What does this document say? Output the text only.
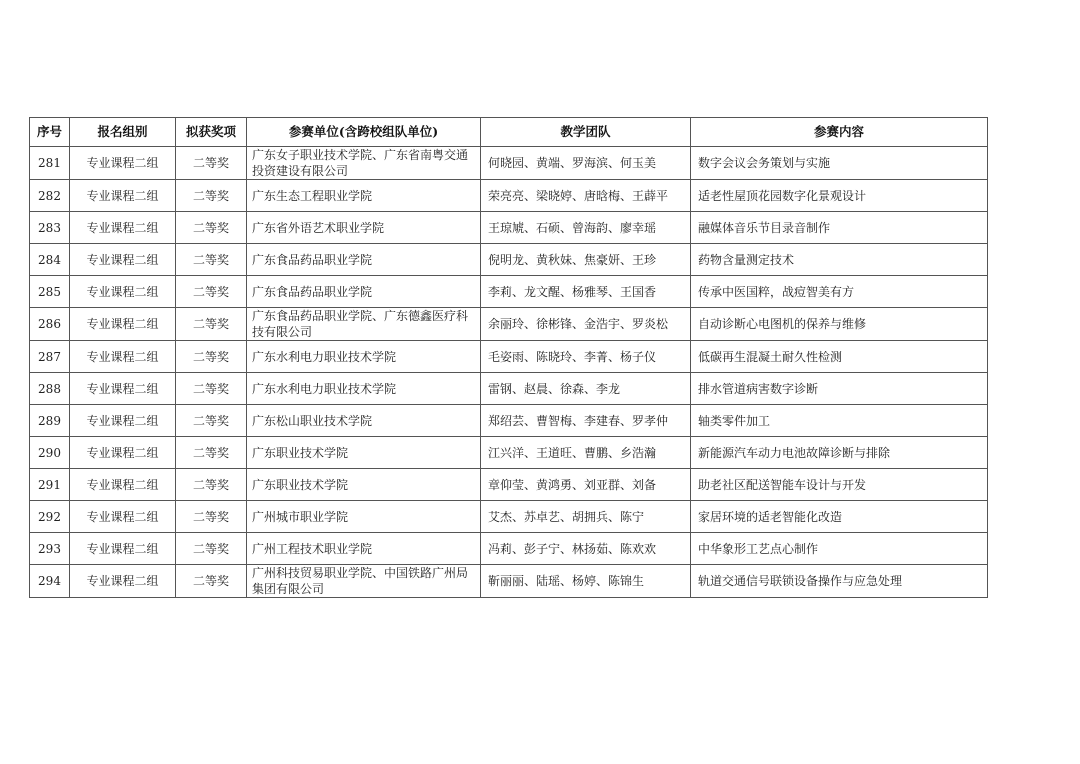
序号	报名组别	拟获奖项	参赛单位(含跨校组队单位)	教学团队	参赛内容
281	专业课程二组	二等奖	广东女子职业技术学院、广东省南粤交通投资建设有限公司	何晓园、黄端、罗海滨、何玉美	数字会议会务策划与实施
282	专业课程二组	二等奖	广东生态工程职业学院	荣亮亮、梁晓婷、唐晗梅、王薜平	适老性屋顶花园数字化景观设计
283	专业课程二组	二等奖	广东省外语艺术职业学院	王琼虓、石硕、曾海韵、廖幸瑶	融媒体音乐节目录音制作
284	专业课程二组	二等奖	广东食品药品职业学院	倪明龙、黄秋妹、焦豪妍、王珍	药物含量测定技术
285	专业课程二组	二等奖	广东食品药品职业学院	李莉、龙文醒、杨雅琴、王国香	传承中医国粹，战痘智美有方
286	专业课程二组	二等奖	广东食品药品职业学院、广东德鑫医疗科技有限公司	余丽玲、徐彬锋、金浩宇、罗炎松	自动诊断心电图机的保养与维修
287	专业课程二组	二等奖	广东水利电力职业技术学院	毛姿雨、陈晓玲、李菁、杨子仪	低碳再生混凝土耐久性检测
288	专业课程二组	二等奖	广东水利电力职业技术学院	雷钢、赵晨、徐森、李龙	排水管道病害数字诊断
289	专业课程二组	二等奖	广东松山职业技术学院	郑绍芸、曹智梅、李建春、罗孝仲	轴类零件加工
290	专业课程二组	二等奖	广东职业技术学院	江兴洋、王道旺、曹鹏、乡浩瀚	新能源汽车动力电池故障诊断与排除
291	专业课程二组	二等奖	广东职业技术学院	章仰莹、黄鸿勇、刘亚群、刘备	助老社区配送智能车设计与开发
292	专业课程二组	二等奖	广州城市职业学院	艾杰、苏卓艺、胡拥兵、陈宁	家居环境的适老智能化改造
293	专业课程二组	二等奖	广州工程技术职业学院	冯莉、彭子宁、林扬茹、陈欢欢	中华象形工艺点心制作
294	专业课程二组	二等奖	广州科技贸易职业学院、中国铁路广州局集团有限公司	靳丽丽、陆瑶、杨婷、陈锦生	轨道交通信号联锁设备操作与应急处理
